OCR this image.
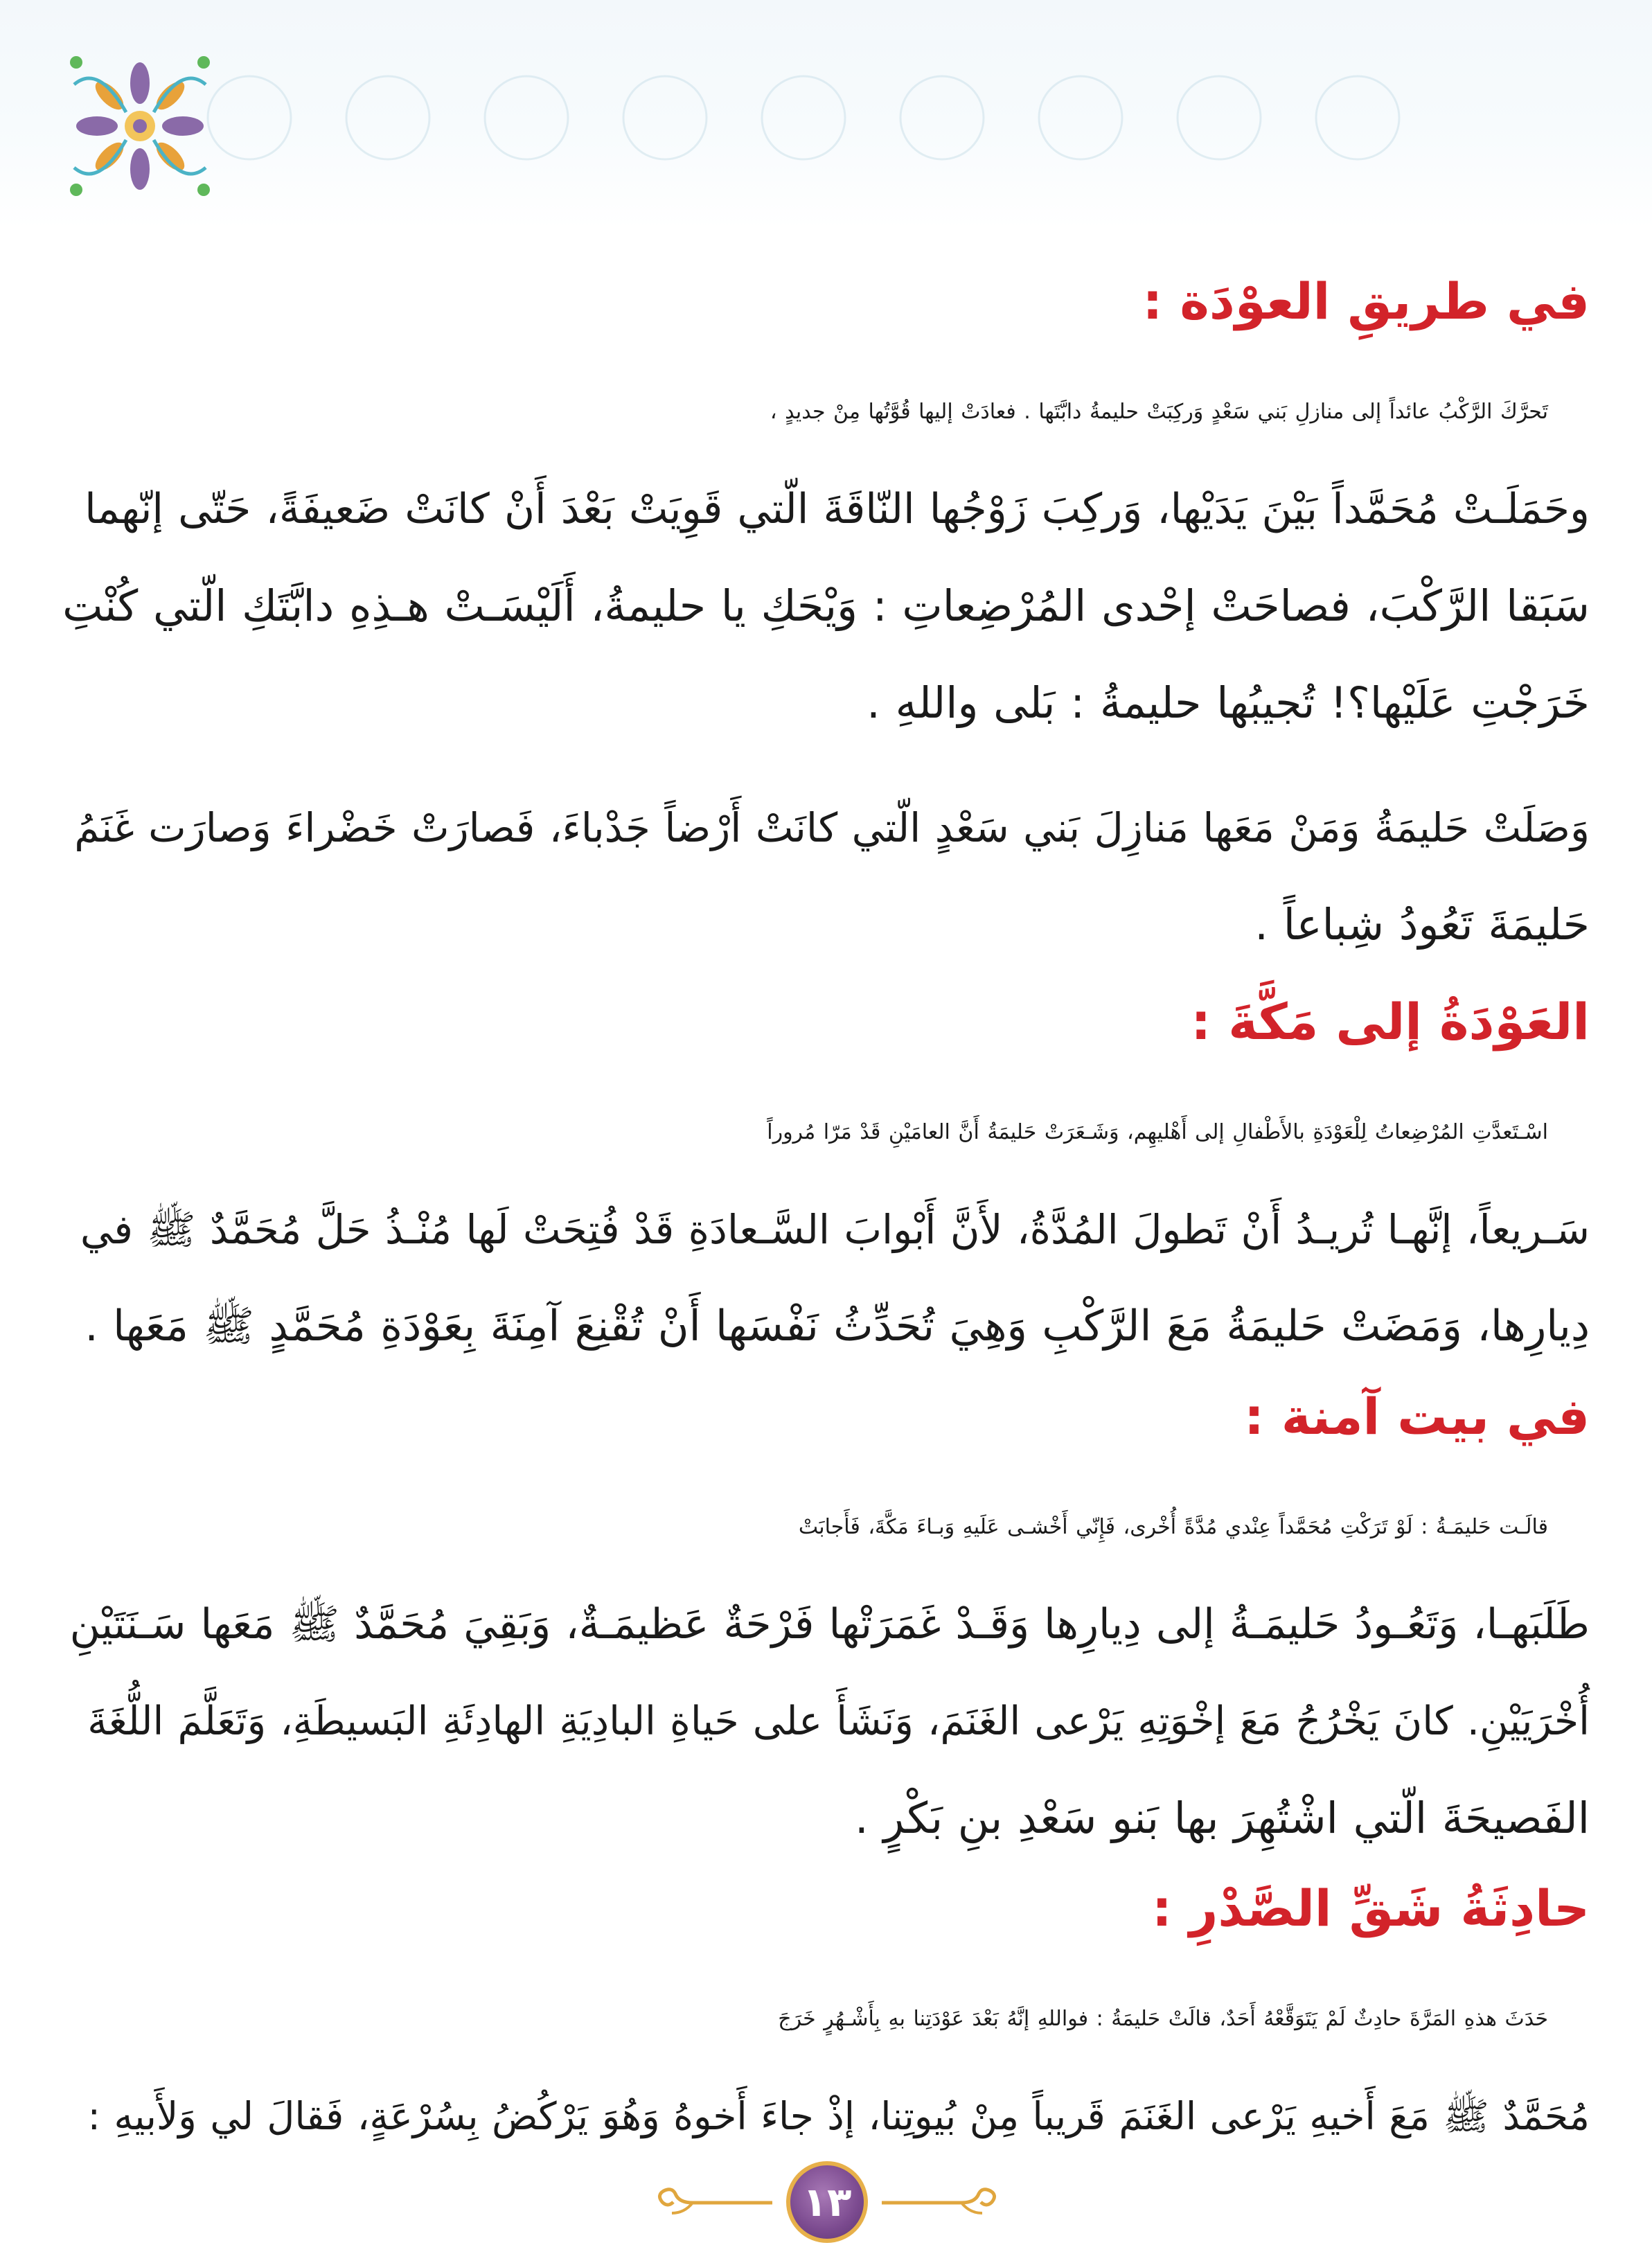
في طريقِ العوْدَة :

تَحرَّكَ الرَّكْبُ عائداً إلى منازلِ بَني سَعْدٍ وَركِبَتْ حليمةُ دابَّتَها . فعادَتْ إليها قُوَّتُها مِنْ جديدٍ ،
وحَمَلَـتْ مُحَمَّداً بَيْنَ يَدَيْها، وَركِبَ زَوْجُها النّاقَةَ الّتي قَوِيَتْ بَعْدَ أَنْ كانَتْ ضَعيفَةً، حَتّى إنّهما
سَبَقا الرَّكْبَ، فصاحَتْ إحْدى المُرْضِعاتِ : وَيْحَكِ يا حليمةُ، أَلَيْسَـتْ هـذِهِ دابَّتَكِ الّتي كُنْتِ
خَرَجْتِ عَلَيْها؟! تُجيبُها حليمةُ : بَلى واللهِ .

وَصَلَتْ حَليمَةُ وَمَنْ مَعَها مَنازِلَ بَني سَعْدٍ الّتي كانَتْ أَرْضاً جَدْباءَ، فَصارَتْ خَضْراءَ وَصارَت غَنَمُ
حَليمَةَ تَعُودُ شِباعاً .

العَوْدَةُ إلى مَكَّةَ :

اسْـتَعدَّتِ المُرْضِعاتُ لِلْعَوْدَةِ بالأَطْفالِ إلى أَهْليهِم، وَشَـعَرَتْ حَليمَةُ أَنَّ العامَيْنِ قَدْ مَرّا مُروراً
سَـريعاً، إنَّهـا تُريـدُ أَنْ تَطولَ المُدَّةُ، لأَنَّ أَبْوابَ السَّـعادَةِ قَدْ فُتِحَتْ لَها مُنْـذُ حَلَّ مُحَمَّدٌ ﷺ في
دِيارِها، وَمَضَتْ حَليمَةُ مَعَ الرَّكْبِ وَهِيَ تُحَدِّثُ نَفْسَها أَنْ تُقْنِعَ آمِنَةَ بِعَوْدَةِ مُحَمَّدٍ ﷺ مَعَها .

في بيت آمنة :

قالَـت حَليمَـةُ : لَوْ تَرَكْتِ مُحَمَّداً عِنْدي مُدَّةً أُخْرى، فَإِنّي أَخْشـى عَلَيهِ وَبـاءَ مَكَّةَ، فَأَجابَتْ
طَلَبَهـا، وَتَعُـودُ حَليمَـةُ إلى دِيارِها وَقَـدْ غَمَرَتْها فَرْحَةٌ عَظيمَـةٌ، وَبَقِيَ مُحَمَّدٌ ﷺ مَعَها سَـنَتَيْنِ
أُخْرَيَيْنِ. كانَ يَخْرُجُ مَعَ إخْوَتِهِ يَرْعى الغَنَمَ، وَنَشَأَ على حَياةِ البادِيَةِ الهادِئَةِ البَسيطَةِ، وَتَعَلَّمَ اللُّغَةَ
الفَصيحَةَ الّتي اشْتُهِرَ بها بَنو سَعْدِ بنِ بَكْرٍ .

حادِثَةُ شَقِّ الصَّدْرِ :

حَدَثَ هذهِ المَرَّةَ حادِثٌ لَمْ يَتَوَقَّعْهُ أَحَدٌ، قالَتْ حَليمَةُ : فواللهِ إنَّهُ بَعْدَ عَوْدَتِنا بهِ بِأَشْـهُرٍ خَرَجَ
مُحَمَّدٌ ﷺ مَعَ أَخيهِ يَرْعى الغَنَمَ قَريباً مِنْ بُيوتِنا، إذْ جاءَ أَخوهُ وَهُوَ يَرْكُضُ بِسُرْعَةٍ، فَقالَ لي وَلأَبيهِ :

١٣
